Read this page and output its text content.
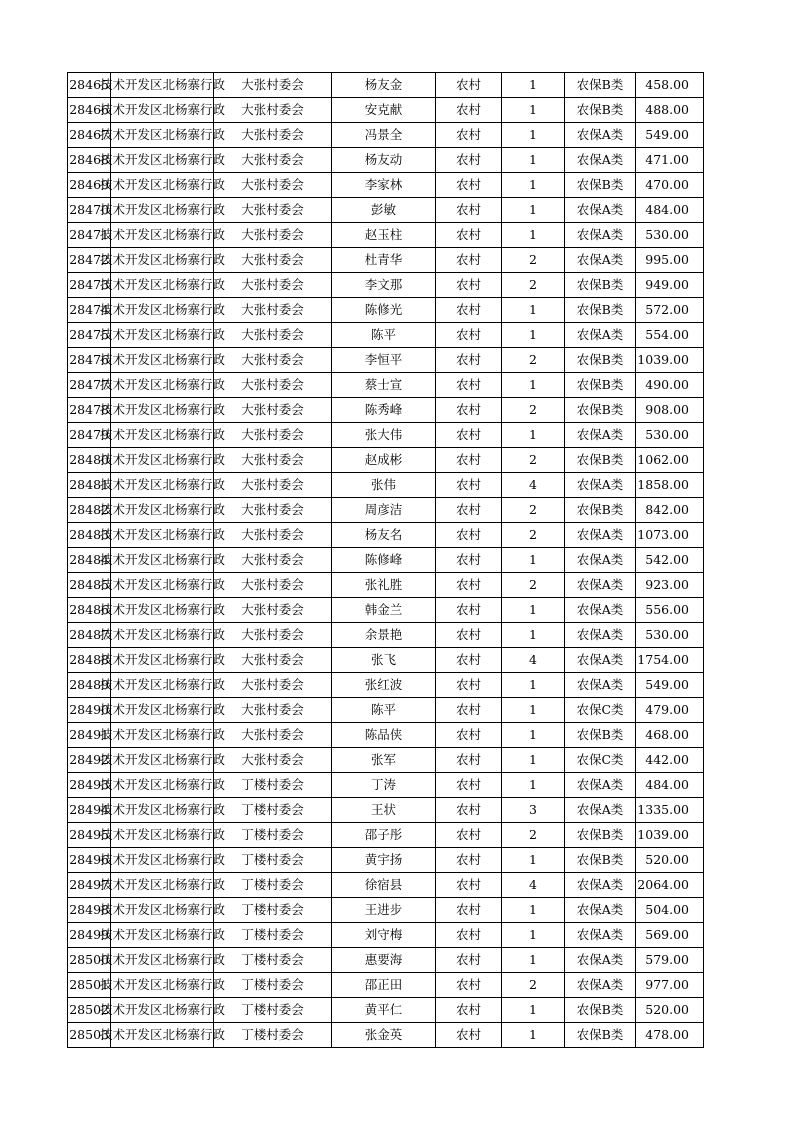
28465	技术开发区北杨寨行政	大张村委会	杨友金	农村	1	农保B类	458.00
28466	技术开发区北杨寨行政	大张村委会	安克献	农村	1	农保B类	488.00
28467	技术开发区北杨寨行政	大张村委会	冯景全	农村	1	农保A类	549.00
28468	技术开发区北杨寨行政	大张村委会	杨友动	农村	1	农保A类	471.00
28469	技术开发区北杨寨行政	大张村委会	李家林	农村	1	农保B类	470.00
28470	技术开发区北杨寨行政	大张村委会	彭敏	农村	1	农保A类	484.00
28471	技术开发区北杨寨行政	大张村委会	赵玉柱	农村	1	农保A类	530.00
28472	技术开发区北杨寨行政	大张村委会	杜青华	农村	2	农保A类	995.00
28473	技术开发区北杨寨行政	大张村委会	李文那	农村	2	农保B类	949.00
28474	技术开发区北杨寨行政	大张村委会	陈修光	农村	1	农保B类	572.00
28475	技术开发区北杨寨行政	大张村委会	陈平	农村	1	农保A类	554.00
28476	技术开发区北杨寨行政	大张村委会	李恒平	农村	2	农保B类	1039.00
28477	技术开发区北杨寨行政	大张村委会	蔡士宣	农村	1	农保B类	490.00
28478	技术开发区北杨寨行政	大张村委会	陈秀峰	农村	2	农保B类	908.00
28479	技术开发区北杨寨行政	大张村委会	张大伟	农村	1	农保A类	530.00
28480	技术开发区北杨寨行政	大张村委会	赵成彬	农村	2	农保B类	1062.00
28481	技术开发区北杨寨行政	大张村委会	张伟	农村	4	农保A类	1858.00
28482	技术开发区北杨寨行政	大张村委会	周彦洁	农村	2	农保B类	842.00
28483	技术开发区北杨寨行政	大张村委会	杨友名	农村	2	农保A类	1073.00
28484	技术开发区北杨寨行政	大张村委会	陈修峰	农村	1	农保A类	542.00
28485	技术开发区北杨寨行政	大张村委会	张礼胜	农村	2	农保A类	923.00
28486	技术开发区北杨寨行政	大张村委会	韩金兰	农村	1	农保A类	556.00
28487	技术开发区北杨寨行政	大张村委会	余景艳	农村	1	农保A类	530.00
28488	技术开发区北杨寨行政	大张村委会	张飞	农村	4	农保A类	1754.00
28489	技术开发区北杨寨行政	大张村委会	张红波	农村	1	农保A类	549.00
28490	技术开发区北杨寨行政	大张村委会	陈平	农村	1	农保C类	479.00
28491	技术开发区北杨寨行政	大张村委会	陈品侠	农村	1	农保B类	468.00
28492	技术开发区北杨寨行政	大张村委会	张军	农村	1	农保C类	442.00
28493	技术开发区北杨寨行政	丁楼村委会	丁涛	农村	1	农保A类	484.00
28494	技术开发区北杨寨行政	丁楼村委会	王状	农村	3	农保A类	1335.00
28495	技术开发区北杨寨行政	丁楼村委会	邵子彤	农村	2	农保B类	1039.00
28496	技术开发区北杨寨行政	丁楼村委会	黄宇扬	农村	1	农保B类	520.00
28497	技术开发区北杨寨行政	丁楼村委会	徐宿县	农村	4	农保A类	2064.00
28498	技术开发区北杨寨行政	丁楼村委会	王进步	农村	1	农保A类	504.00
28499	技术开发区北杨寨行政	丁楼村委会	刘守梅	农村	1	农保A类	569.00
28500	技术开发区北杨寨行政	丁楼村委会	惠要海	农村	1	农保A类	579.00
28501	技术开发区北杨寨行政	丁楼村委会	邵正田	农村	2	农保A类	977.00
28502	技术开发区北杨寨行政	丁楼村委会	黄平仁	农村	1	农保B类	520.00
28503	技术开发区北杨寨行政	丁楼村委会	张金英	农村	1	农保B类	478.00
